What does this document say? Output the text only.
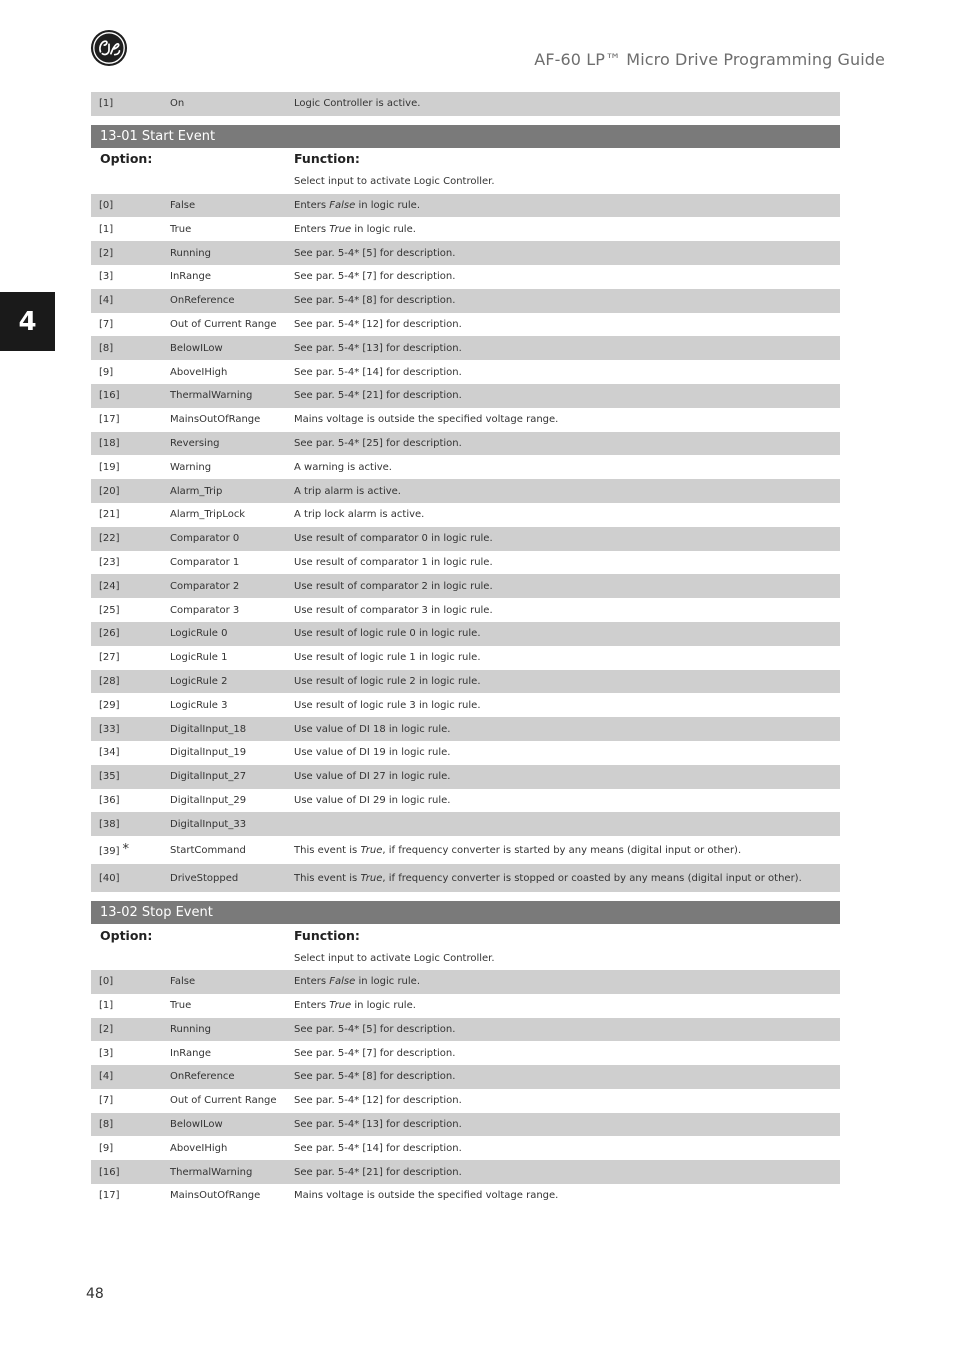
AF-60 LP™ Micro Drive Programming Guide
4
[1]	On	Logic Controller is active.
13-01 Start Event
Option:	Function:
Select input to activate Logic Controller.
[0]	False	Enters False in logic rule.
[1]	True	Enters True in logic rule.
[2]	Running	See par. 5-4* [5] for description.
[3]	InRange	See par. 5-4* [7] for description.
[4]	OnReference	See par. 5-4* [8] for description.
[7]	Out of Current Range	See par. 5-4* [12] for description.
[8]	BelowILow	See par. 5-4* [13] for description.
[9]	AboveIHigh	See par. 5-4* [14] for description.
[16]	ThermalWarning	See par. 5-4* [21] for description.
[17]	MainsOutOfRange	Mains voltage is outside the specified voltage range.
[18]	Reversing	See par. 5-4* [25] for description.
[19]	Warning	A warning is active.
[20]	Alarm_Trip	A trip alarm is active.
[21]	Alarm_TripLock	A trip lock alarm is active.
[22]	Comparator 0	Use result of comparator 0 in logic rule.
[23]	Comparator 1	Use result of comparator 1 in logic rule.
[24]	Comparator 2	Use result of comparator 2 in logic rule.
[25]	Comparator 3	Use result of comparator 3 in logic rule.
[26]	LogicRule 0	Use result of logic rule 0 in logic rule.
[27]	LogicRule 1	Use result of logic rule 1 in logic rule.
[28]	LogicRule 2	Use result of logic rule 2 in logic rule.
[29]	LogicRule 3	Use result of logic rule 3 in logic rule.
[33]	DigitalInput_18	Use value of DI 18 in logic rule.
[34]	DigitalInput_19	Use value of DI 19 in logic rule.
[35]	DigitalInput_27	Use value of DI 27 in logic rule.
[36]	DigitalInput_29	Use value of DI 29 in logic rule.
[38]	DigitalInput_33
[39] *	StartCommand	This event is True, if frequency converter is started by any means (digital input or other).
[40]	DriveStopped	This event is True, if frequency converter is stopped or coasted by any means (digital input or other).
13-02 Stop Event
Option:	Function:
Select input to activate Logic Controller.
[0]	False	Enters False in logic rule.
[1]	True	Enters True in logic rule.
[2]	Running	See par. 5-4* [5] for description.
[3]	InRange	See par. 5-4* [7] for description.
[4]	OnReference	See par. 5-4* [8] for description.
[7]	Out of Current Range	See par. 5-4* [12] for description.
[8]	BelowILow	See par. 5-4* [13] for description.
[9]	AboveIHigh	See par. 5-4* [14] for description.
[16]	ThermalWarning	See par. 5-4* [21] for description.
[17]	MainsOutOfRange	Mains voltage is outside the specified voltage range.
48
